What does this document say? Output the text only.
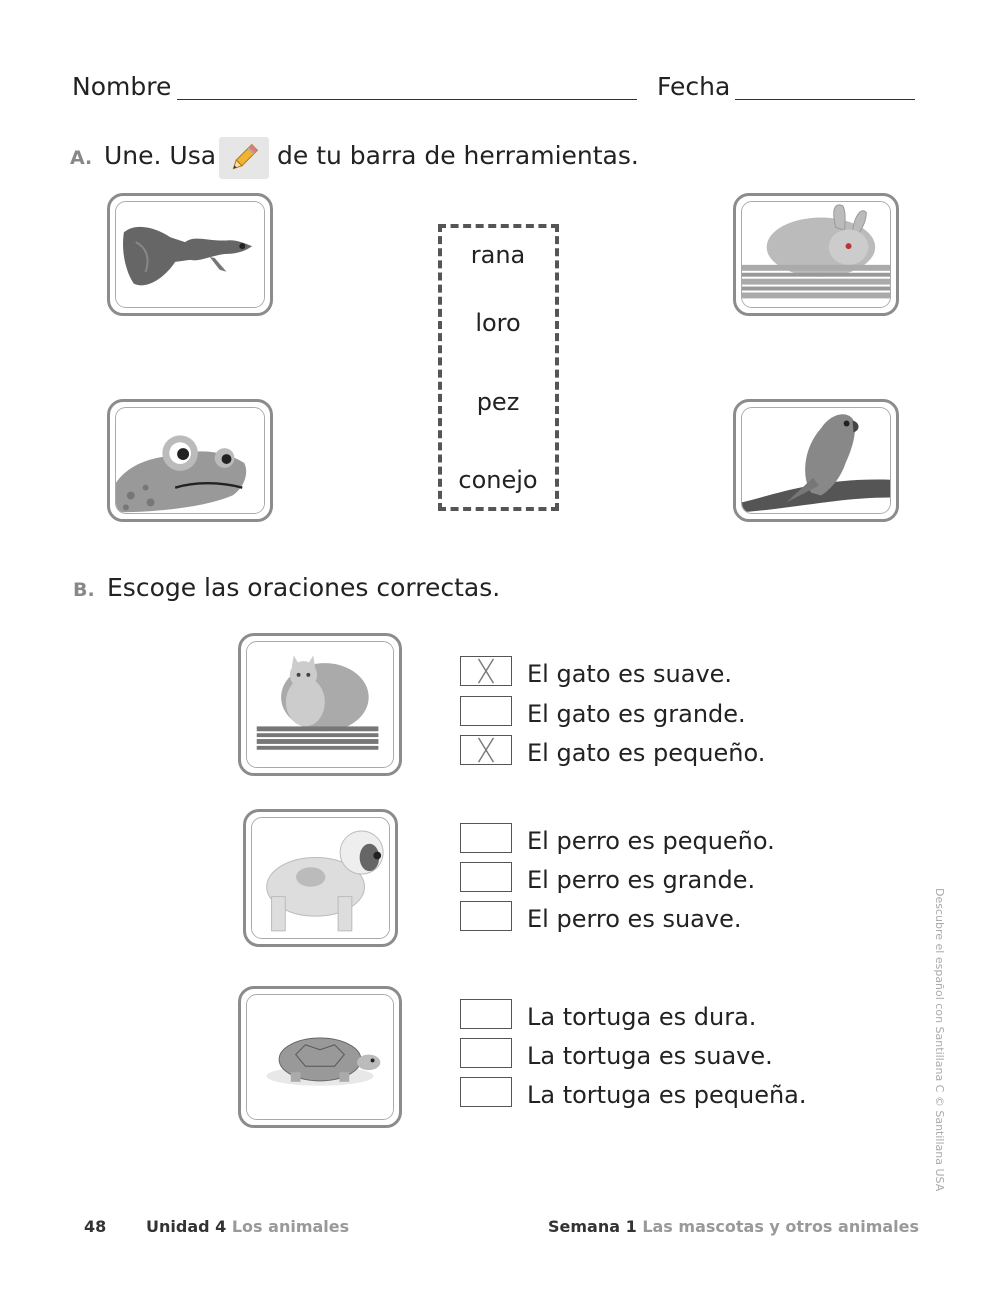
Nombre	Fecha
A. Une. Usa de tu barra de herramientas.
rana
loro
pez
conejo
B. Escoge las oraciones correctas.
El gato es suave.
El gato es grande.
El gato es pequeño.
El perro es pequeño.
El perro es grande.
El perro es suave.
La tortuga es dura.
La tortuga es suave.
La tortuga es pequeña.	Descubre el español con Santillana C © Santillana USA
48 Unidad 4 Los animales	Semana 1 Las mascotas y otros animales
